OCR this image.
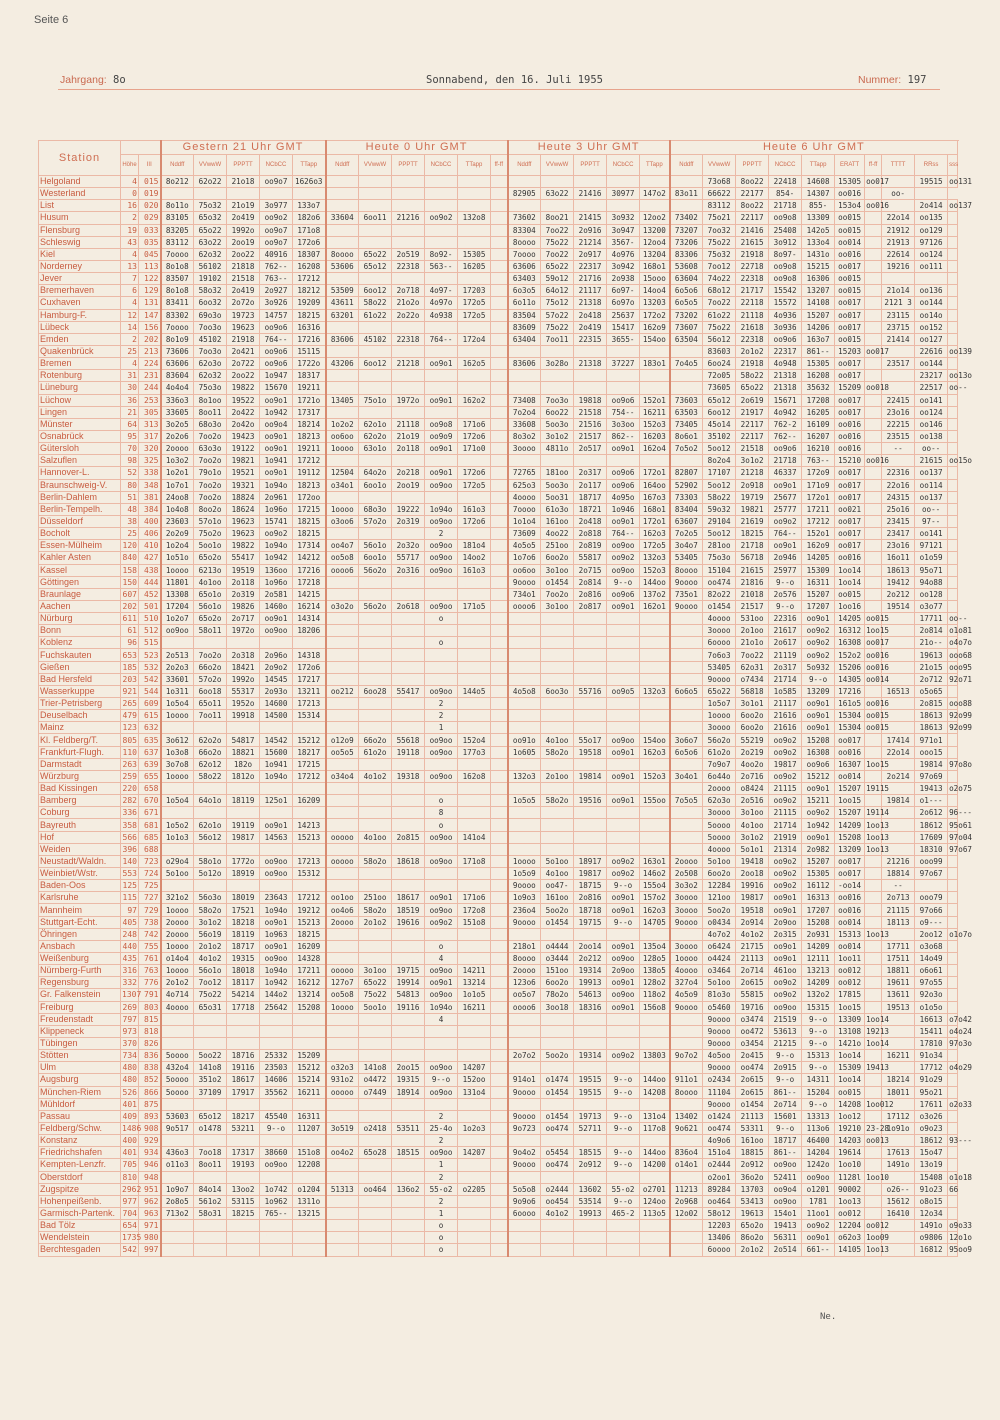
Seite 6
Jahrgang: 8o	Sonnabend, den 16. Juli 1955	Nummer: 197
Station			Gestern 21 Uhr GMT					Heute 0 Uhr GMT						Heute 3 Uhr GMT					Heute 6 Uhr GMT										
	Höhe	III	Nddff	VVwwW	PPPTT	NCbCC	TTapp	Nddff	VVwwW	PPPTT	NCbCC	TTapp	ff-ff	Nddff	VVwwW	PPPTT	NCbCC	TTapp	Nddff	VVwwW	PPPTT	NCbCC	TTapp	ERATT	ff-ff	TTTT	RRss	sss	
Helgoland	4	015	8o212	62o22	21o18	oo9o7	1626o3													73o68	8oo22	22418	14608	15305	oo017		19515	oo131	
Westerland	0	019												82905	63o22	21416	30977	147o2	83o11	66622	22177	854-	14307	oo016		oo-			
List	16	020	8o11o	75o32	21o19	3o977	133o7													83112	8oo22	21718	855-	153o4	oo016		2o414	oo137	
Husum	2	029	83105	65o32	2o419	oo9o2	182o6	33604	6oo11	21216	oo9o2	132o8		73602	8oo21	21415	3o932	12oo2	73402	75o21	22117	oo9o8	13309	oo015		22o14	oo135		
Flensburg	19	033	83205	65o22	1992o	oo9o7	171o8							83304	7oo22	2o916	3o947	13200	73207	7oo32	21416	25408	142o5	oo015		21912	oo129		
Schleswig	43	035	83112	63o22	2oo19	oo9o7	172o6							8oooo	75o22	21214	3567-	12oo4	73206	75o22	21615	3o912	133o4	oo014		21913	97126		
Kiel	4	045	7oooo	62o32	2oo22	40916	18307	8oooo	65o22	2o519	8o92-	15305		7oooo	7oo22	2o917	4o976	13204	83306	75o32	21918	8o97-	1431o	oo016		22614	oo124		
Norderney	13	113	8o1o8	56102	21818	762--	16208	53606	65o12	22318	563--	16205		63606	65o22	22317	3o942	168o1	53608	7oo12	22718	oo9o8	15215	oo017		19216	oo111		
Jever	7	122	83507	19102	21518	763--	17212							63403	59o12	21716	2o938	15ooo	63604	74o22	22318	oo9o8	16306	oo015					
Bremerhaven	6	129	8o1o8	58o32	2o419	2o927	18212	53509	6oo12	2o718	4o97-	17203		6o3o5	64o12	21117	6o97-	14oo4	6o5o6	68o12	21717	15542	13207	oo015		21o14	oo136		
Cuxhaven	4	131	83411	6oo32	2o72o	3o926	19209	43611	58o22	21o2o	4o97o	172o5		6o11o	75o12	21318	6o97o	13203	6o5o5	7oo22	22118	15572	14108	oo017		2121 3	oo144		
Hamburg-F.	12	147	83302	69o3o	19723	14757	18215	63201	61o22	2o22o	4o938	172o5		83504	57o22	2o418	25637	172o2	73202	61o22	21118	4o936	15207	oo017		23115	oo14o		
Lübeck	14	156	7oooo	7oo3o	19623	oo9o6	16316							83609	75o22	2o419	15417	162o9	73607	75o22	21618	3o936	14206	oo017		23715	oo152		
Emden	2	202	8o1o9	45102	21918	764--	17216	83606	45102	22318	764--	172o4		63404	7oo11	22315	3655-	154oo	63504	56o12	22318	oo9o6	163o7	oo015		21414	oo127		
Quakenbrück	25	213	73606	7oo3o	2o421	oo9o6	15115													83603	2o1o2	22317	861--	15203	oo017		22616	oo139	
Bremen	4	224	63606	62o3o	2o722	oo9o6	1722o	43206	6oo12	21218	oo9o1	162o5		83606	3o28o	21318	37227	183o1	7o4o5	6oo24	21918	4o948	15305	oo017		23517	oo144		
Rotenburg	31	231	83604	62o32	2oo22	1o947	18317													72o05	58o22	21318	16208	oo017			23217	oo13o	
Lüneburg	30	244	4o4o4	75o3o	19822	15670	19211													73605	65o22	21318	35632	15209	oo018		22517	oo--	
Lüchow	36	253	336o3	8o1oo	19522	oo9o1	1721o	13405	75o1o	1972o	oo9o1	162o2		73408	7oo3o	19818	oo9o6	152o1	73603	65o12	2o619	15671	17208	oo017		22415	oo141		
Lingen	21	305	33605	8oo11	2o422	1o942	17317							7o2o4	6oo22	21518	754--	16211	63503	6oo12	21917	4o942	16205	oo017		23o16	oo124		
Münster	64	313	3o2o5	68o3o	2o42o	oo9o4	18214	1o2o2	62o1o	21118	oo9o8	171o6		33608	5oo3o	21516	3o3oo	152o3	73405	45o14	22117	762-2	16109	oo016		22215	oo146		
Osnabrück	95	317	2o2o6	7oo2o	19423	oo9o1	18213	oo6oo	62o2o	21o19	oo9o9	172o6		8o3o2	3o1o2	21517	862--	16203	8o6o1	35102	22117	762--	16207	oo016		23515	oo138		
Gütersloh	70	320	2oooo	63o3o	19122	oo9o1	19211	1oooo	63o1o	2o118	oo9o1	171o0		3oooo	4811o	2o517	oo9o1	162o4	7o5o2	5oo12	21518	oo9o6	16210	oo016		--	oo--		
Salzuflen	98	325	1o3o2	7oo2o	19821	1o941	17212													8o2o4	3o1o2	21718	763--	15210	oo016		21615	oo15o	
Hannover-L.	52	338	1o2o1	79o1o	19521	oo9o1	19112	12504	64o2o	2o218	oo9o1	172o6		72765	181oo	2o317	oo9o6	172o1	82807	17107	21218	46337	172o9	oo017		22316	oo137		
Braunschweig-V.	80	348	1o7o1	7oo2o	19321	1o94o	18213	o34o1	6oo1o	2oo19	oo9oo	172o5		625o3	5oo3o	2o117	oo9o6	164oo	52902	5oo12	2o918	oo9o1	171o9	oo017		22o16	oo114		
Berlin-Dahlem	51	381	24oo8	7oo2o	18824	2o961	172oo							4oooo	5oo31	18717	4o95o	167o3	73303	58o22	19719	25677	172o1	oo017		24315	oo137		
Berlin-Tempelh.	48	384	1o4o8	8oo2o	18624	1o96o	17215	1oooo	68o3o	19222	1o94o	161o3		7oooo	61o3o	18721	1o946	168o1	83404	59o32	19821	25777	17211	oo021		25o16	oo--		
Düsseldorf	38	400	23603	57o1o	19623	15741	18215	o3oo6	57o2o	2o319	oo9oo	172o6		1o1o4	161oo	2o418	oo9o1	172o1	63607	29104	21619	oo9o2	17212	oo017		23415	97--		
Bocholt	25	406	2o2o9	75o2o	19623	oo9o2	18215				2			73609	4oo22	2o818	764--	162o3	7o2o5	5oo12	18215	764--	152o1	oo017		23417	oo141		
Essen-Mülheim	120	410	1o2o4	5oo1o	19822	1o94o	17314	oo4o7	56o1o	2o32o	oo9oo	181o4		4o5o5	251oo	2o819	oo9oo	172o5	3o4o7	281oo	21718	oo9o1	162o9	oo017		23o16	97121		
Kahler Asten	840	427	1o51o	65o2o	55417	1o942	14212	oo5o8	6oo1o	55717	oo9oo	14oo2		1o7o6	6oo2o	55817	oo9o2	132o3	53405	75o3o	56718	2o946	14205	oo016		16o11	o1o59		
Kassel	158	438	1oooo	6213o	19519	136oo	17216	oooo6	56o2o	2o316	oo9oo	161o3		oo6oo	3o1oo	2o715	oo9oo	152o3	8oooo	15104	21615	25977	15309	1oo14		18613	95o71		
Göttingen	150	444	11801	4o1oo	2o118	1o96o	17218							9oooo	o1454	2o814	9--o	144oo	9oooo	oo474	21816	9--o	16311	1oo14		19412	94o88		
Braunlage	607	452	13308	65o1o	2o319	2o581	14215							734o1	7oo2o	2o816	oo9o6	137o2	735o1	82o22	21018	2o576	15207	oo015		2o212	oo128		
Aachen	202	501	17204	56o1o	19826	1460o	16214	o3o2o	56o2o	2o618	oo9oo	171o5		oooo6	3o1oo	2o817	oo9o1	162o1	9oooo	o1454	21517	9--o	17207	1oo16		19514	o3o77		
Nürburg	611	510	1o2o7	65o2o	2o717	oo9o1	14314				o									4oooo	531oo	22316	oo9o1	14205	oo015		17711	oo--	
Bonn	61	512	oo9oo	58o11	1972o	oo9oo	18206													3oooo	2o1oo	21617	oo9o2	16312	1oo15		2o814	o1o81	
Koblenz	96	515									o									6oooo	21o1o	2o617	oo9o2	16308	oo017		21o--	o4o7o	
Fuchskauten	653	523	2o513	7oo2o	2o318	2o96o	14318													7o6o3	7oo22	21119	oo9o2	152o2	oo016		19613	ooo68	
Gießen	185	532	2o2o3	66o2o	18421	2o9o2	172o6													53405	62o31	2o317	5o932	15206	oo016		21o15	ooo95	
Bad Hersfeld	203	542	33601	57o2o	1992o	14545	17217													9oooo	o7434	21714	9--o	14305	oo014		2o712	92o71	
Wasserkuppe	921	544	1o311	6oo18	55317	2o93o	13211	oo212	6oo28	55417	oo9oo	144o5		4o5o8	6oo3o	55716	oo9o5	132o3	6o6o5	65o22	56818	1o585	13209	17216		16513	o5o65		
Trier-Petrisberg	265	609	1o5o4	65o11	1952o	14600	17213				2									1o5o7	3o1o1	21117	oo9o1	161o5	oo016		2o815	ooo88	
Deuselbach	479	615	1oooo	7oo11	19918	14500	15314				2									1oooo	6oo2o	21616	oo9o1	15304	oo015		18613	92o99	
Mainz	123	632									1									3oooo	6oo2o	21616	oo9o1	15304	oo015		18613	92o99	
Kl. Feldberg/T.	805	635	3o612	62o2o	54817	14542	15212	o12o9	66o2o	55618	oo9oo	152o4		oo91o	4o1oo	55o17	oo9oo	154oo	3o6o7	56o2o	55219	oo9o2	15208	oo017		17414	971o1		
Frankfurt-Flugh.	110	637	1o3o8	66o2o	18821	15600	18217	oo5o5	61o2o	19118	oo9oo	177o3		1o605	58o2o	19518	oo9o1	162o3	6o5o6	61o2o	2o219	oo9o2	16308	oo016		22o14	ooo15		
Darmstadt	263	639	3o7o8	62o12	182o	1o941	17215													7o9o7	4oo2o	19817	oo9o6	16307	1oo15		19814	97o8o	
Würzburg	259	655	1oooo	58o22	1812o	1o94o	17212	o34o4	4o1o2	19318	oo9oo	162o8		132o3	2o1oo	19814	oo9o1	152o3	3o4o1	6o44o	2o716	oo9o2	15212	oo014		2o214	97o69		
Bad Kissingen	220	658																		2oooo	o8424	21115	oo9o1	15207	19115		19413	o2o75	
Bamberg	282	670	1o5o4	64o1o	18119	125o1	16209				o			1o5o5	58o2o	19516	oo9o1	155oo	7o5o5	62o3o	2o516	oo9o2	15211	1oo15		19814	o1---		
Coburg	336	671									8									3oooo	3o1oo	21115	oo9o2	15207	19114		2o612	96---	
Bayreuth	358	681	1o5o2	62o1o	19119	oo9o1	14213				o									5oooo	4o1oo	21714	1o942	14209	1oo13		18612	95o61	
Hof	566	685	1o1o3	56o12	19817	14563	15213	ooooo	4o1oo	2o815	oo9oo	141o4								5oooo	3o1o2	21919	oo9o1	15208	1oo13		17609	97o04	
Weiden	396	688																		4oooo	5o1o1	21314	2o982	13209	1oo13		18310	97o67	
Neustadt/Waldn.	140	723	o29o4	58o1o	1772o	oo9oo	17213	ooooo	58o2o	18618	oo9oo	171o8		1oooo	5o1oo	18917	oo9o2	163o1	2oooo	5o1oo	19418	oo9o2	15207	oo017		21216	ooo99		
Weinbiet/Wstr.	553	724	5o1oo	5o12o	18919	oo9oo	15312							1o5o9	4o1oo	19817	oo9o2	146o2	2o508	6oo2o	2oo18	oo9o2	15305	oo017		18814	97o67		
Baden-Oos	125	725												9oooo	oo47-	18715	9--o	155o4	3o3o2	12284	19916	oo9o2	16112	-oo14		--			
Karlsruhe	115	727	321o2	56o3o	18019	23643	17212	oo1oo	251oo	18617	oo9o1	171o6		1o9o3	161oo	2o816	oo9o1	157o2	3oooo	121oo	19817	oo9o1	16313	oo016		2o713	ooo79		
Mannheim	97	729	1oooo	58o2o	17521	1o94o	19212	oo4o6	58o2o	18519	oo9oo	172o8		236o4	5oo2o	18718	oo9o1	162o3	3oooo	5oo2o	19518	oo9o1	17207	oo016		21115	97o66		
Stuttgart-Echt.	405	738	2oooo	3o1o2	18218	oo9o1	15213	2oooo	2o1o2	19616	oo9o2	151o8		9oooo	o1454	19715	9--o	14705	9oooo	o0434	2o914	2o9oo	15208	oo014		18113	o9---		
Öhringen	248	742	2oooo	56o19	18119	1o963	18215													4o7o2	4o1o2	2o315	2o931	15313	1oo13		2oo12	o1o7o	
Ansbach	440	755	1oooo	2o1o2	18717	oo9o1	16209				o			218o1	o4444	2oo14	oo9o1	135o4	3oooo	o6424	21715	oo9o1	14209	oo014		17711	o3o68		
Weißenburg	435	761	o14o4	4o1o2	19315	oo9oo	14328				4			8oooo	o3444	2o212	oo9oo	128o5	1oooo	o4424	21113	oo9o1	12111	1oo11		17511	14o49		
Nürnberg-Furth	316	763	1oooo	56o1o	18018	1o94o	17211	ooooo	3o1oo	19715	oo9oo	14211		2oooo	151oo	19314	2o9oo	138o5	4oooo	o3464	2o714	461oo	13213	oo012		18811	o6o61		
Regensburg	332	776	2o1o2	7oo12	18117	1o942	16212	127o7	65o22	19914	oo9o1	13214		123o6	6oo2o	19913	oo9o1	128o2	327o4	5o1oo	2o615	oo9o2	14209	oo012		19611	97o55		
Gr. Falkenstein	1307	791	4o714	75o22	54214	144o2	13214	oo5o8	75o22	54813	oo9oo	1o1o5		oo5o7	78o2o	54613	oo9oo	118o2	4o5o9	81o3o	55815	oo9o2	132o2	17815		13611	92o3o		
Freiburg	269	803	4oooo	65o31	17718	25642	15208	1oooo	5oo1o	19116	1o94o	16211		oooo6	3oo18	18316	oo9o1	156o8	9oooo	o5460	19716	oo9oo	15315	1oo15		19513	o1o5o		
Freudenstadt	797	815									4									9oooo	o3474	21519	9--o	13309	1oo14		16613	o7o42	
Klippeneck	973	818																		9oooo	oo472	53613	9--o	13108	19213		15411	o4o24	
Tübingen	370	826																		9oooo	o3454	21215	9--o	1421o	1oo14		17810	97o3o	
Stötten	734	836	5oooo	5oo22	18716	25332	15209							2o7o2	5oo2o	19314	oo9o2	13803	9o7o2	4o5oo	2o415	9--o	15313	1oo14		16211	91o34		
Ulm	480	838	432o4	141o8	19116	23503	15212	o32o3	141o8	2oo15	oo9oo	14207								9oooo	oo474	2o915	9--o	15309	19413		17712	o4o29	
Augsburg	480	852	5oooo	351o2	18617	14606	15214	931o2	o4472	19315	9--o	152oo		914o1	o1474	19515	9--o	144oo	911o1	o2434	2o615	9--o	14311	1oo14		18214	91o29		
München-Riem	526	866	5oooo	37109	17917	35562	16211	ooooo	o7449	18914	oo9oo	131o4		9oooo	o1454	19515	9--o	14208	8oooo	11104	2o615	861--	15204	oo015		18011	95o21		
Mühldorf	401	875																		9oooo	o1454	2o714	9--o	14208	1oo012		17611	o2o33	
Passau	409	893	53603	65o12	18217	45540	16311				2			9oooo	o1454	19713	9--o	131o4	13402	o1424	21113	15601	13313	1oo12		17112	o3o26		
Feldberg/Schw.	1486	908	9o517	o1478	53211	9--o	11207	3o519	o2418	53511	25-4o	1o2o3		9o723	oo474	52711	9--o	117o8	9o621	oo474	53311	9--o	113o6	19210	23-28	1o91o	o9o23		
Konstanz	400	929									2									4o9o6	161oo	18717	46400	14203	oo013		18612	93---	
Friedrichshafen	401	934	436o3	7oo18	17317	38660	151o8	oo4o2	65o28	18515	oo9oo	14207		9o4o2	o5454	18515	9--o	144oo	836o4	151o4	18815	861--	14204	19614		17613	15o47		
Kempten-Lenzfr.	705	946	o11o3	8oo11	19193	oo9oo	12208				1			9oooo	oo474	2o912	9--o	14200	o14o1	o2444	2o912	oo9oo	1242o	1oo10		1491o	13o19		
Oberstdorf	810	948									2									o2oo1	36o2o	52411	oo9oo	1128l	1oo10		15408	o1o18	
Zugspitze	2962	951	1o9o7	84o14	13oo2	1o742	o1204	51313	oo464	136o2	55-o2	o2205		5o5o8	o2444	13602	55-o2	o2701	11213	89284	13703	oo9o4	o1201	90002		o26--	91o23	66	
Hohenpeißenb.	977	962	2o8o5	561o2	53115	1o962	1311o				2			9o9o6	oo454	53514	9--o	124oo	2o968	oo464	53413	oo9oo	1781	1oo13		15612	o8o15		
Garmisch-Partenk.	704	963	713o2	58o31	18215	765--	13215				1			6oooo	4o1o2	19913	465-2	113o5	12o02	58o12	19613	154o1	11oo1	oo012		16410	12o34		
Bad Tölz	654	971									o									12203	65o2o	19413	oo9o2	12204	oo012		1491o	o9o33	
Wendelstein	1735	980									o									13406	86o2o	56311	oo9o1	o62o3	1oo09		o9806	12o1o	
Berchtesgaden	542	997									o									6oooo	2o1o2	2o514	661--	14105	1oo13		16812	95oo9	
Ne.
